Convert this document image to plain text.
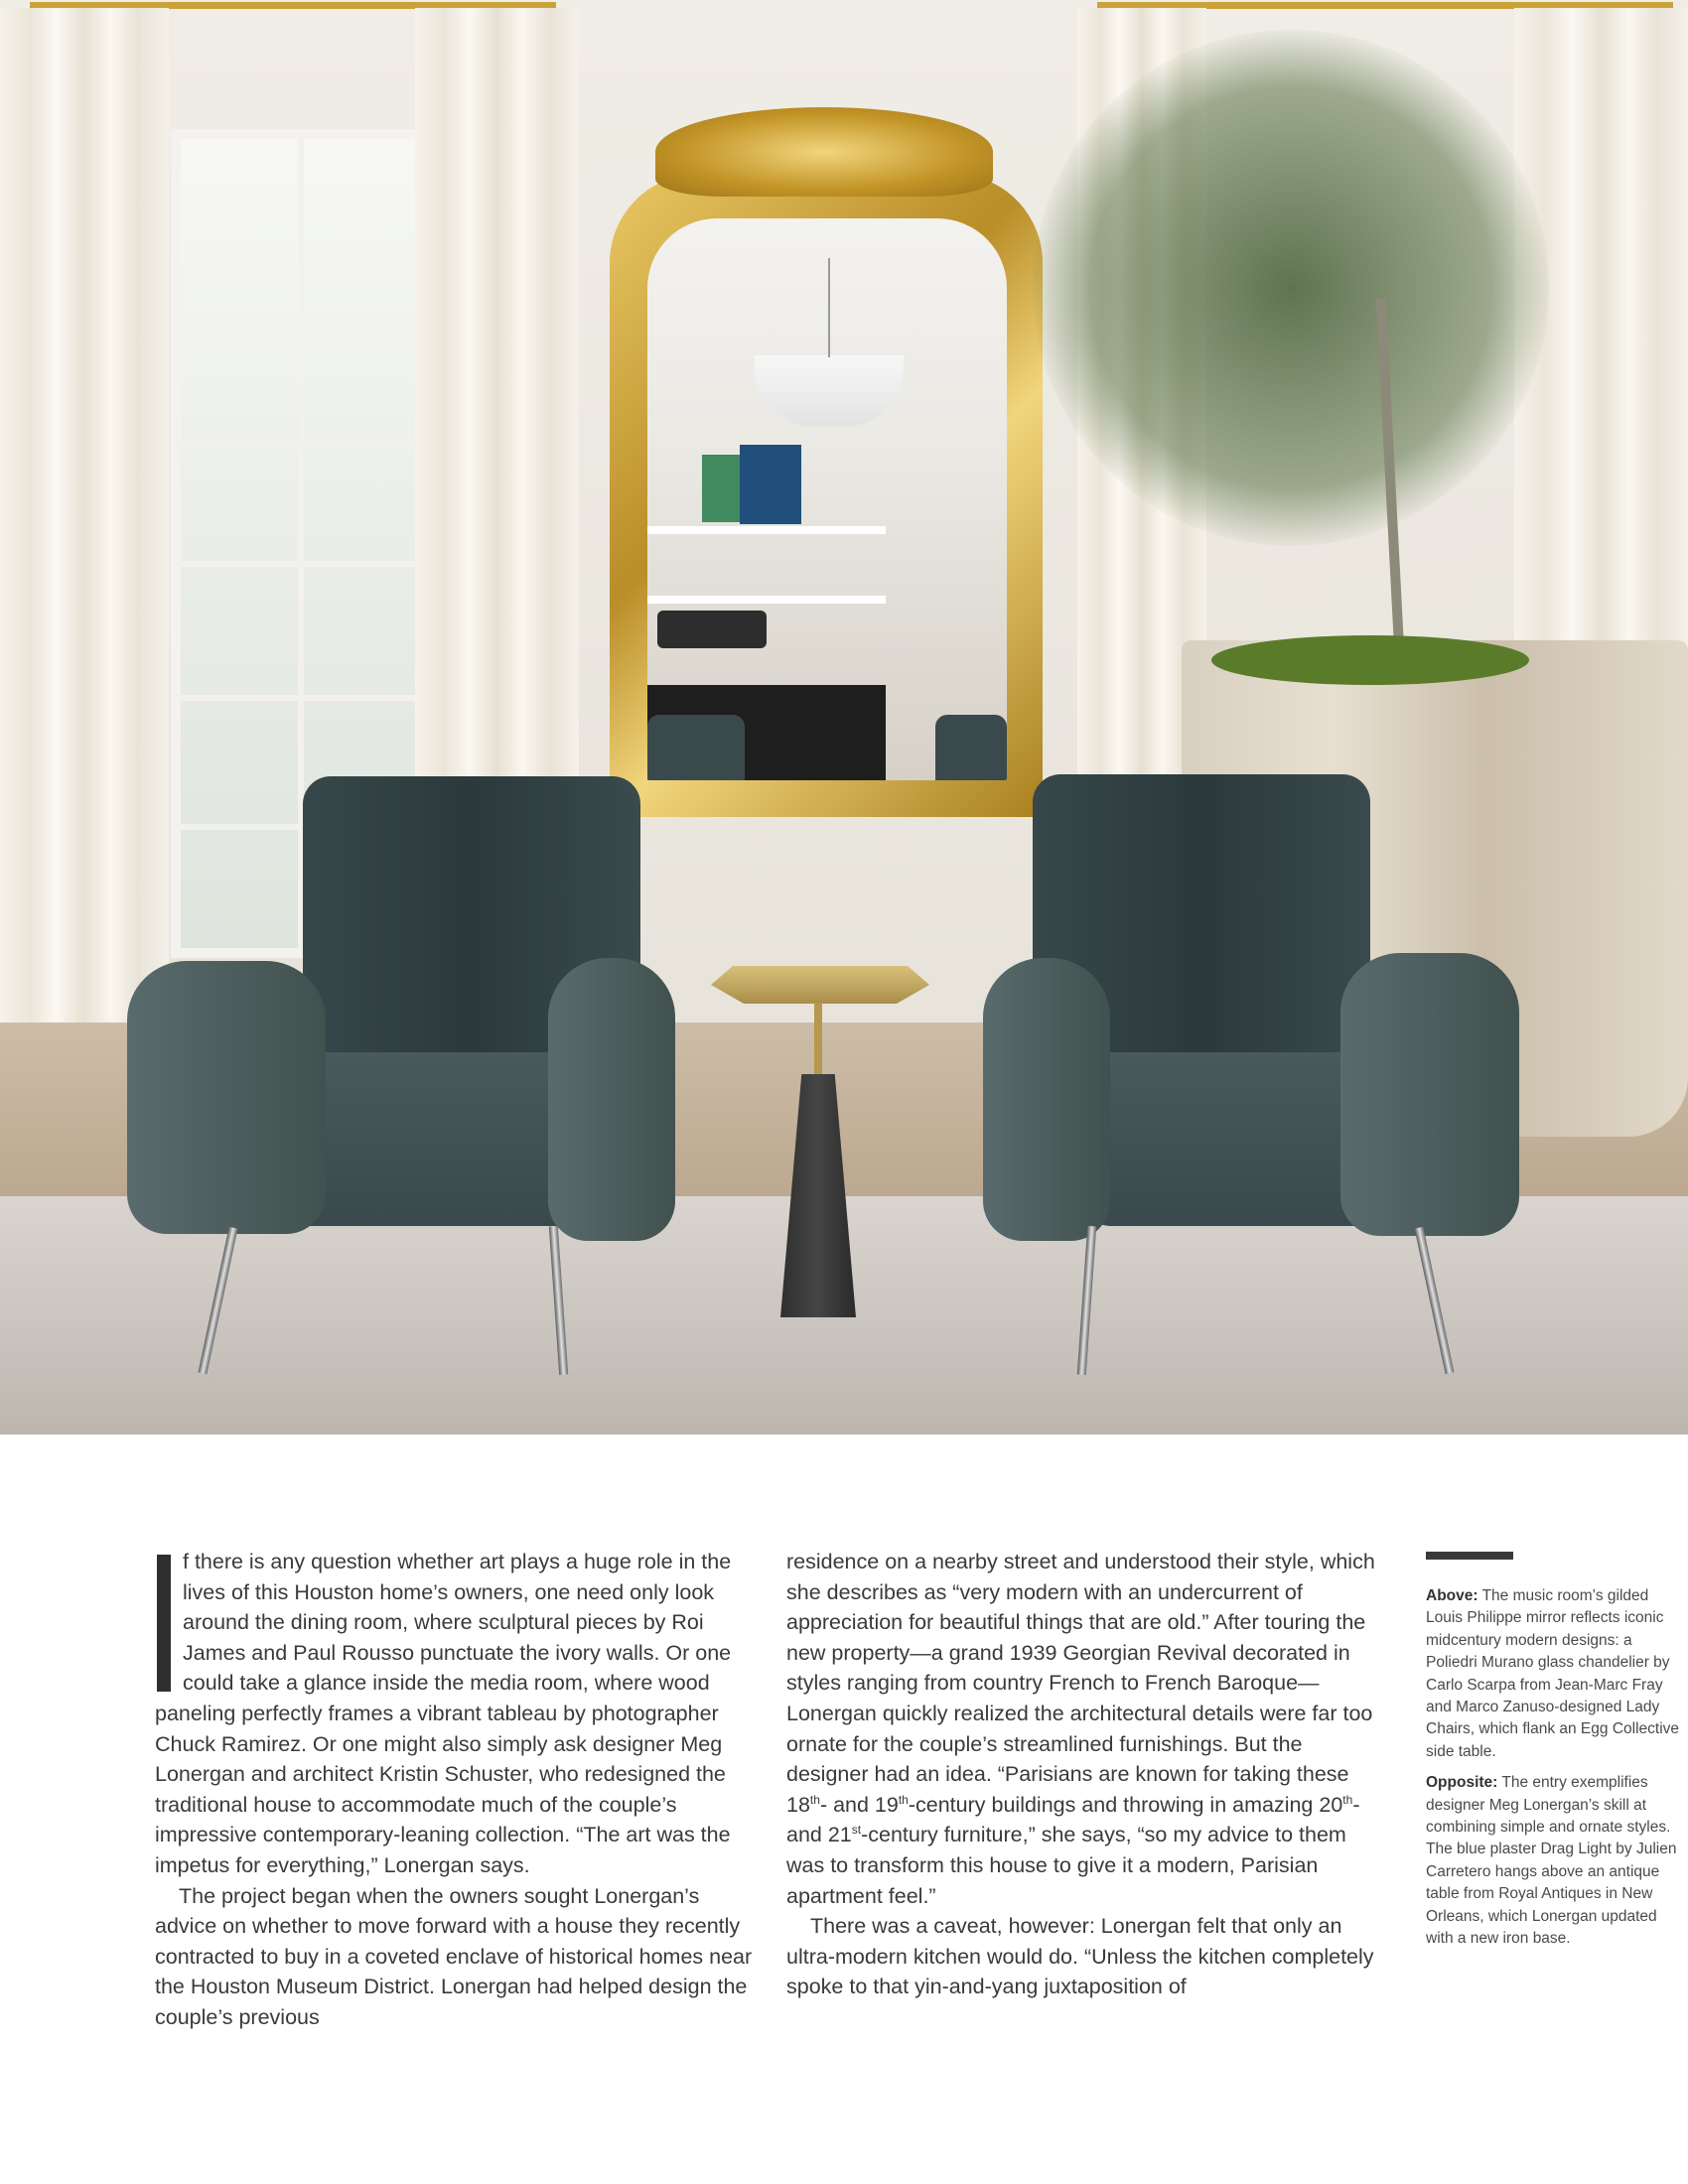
f there is any question whether art plays a huge role in the lives of this Houston home’s owners, one need only look around the dining room, where sculptural pieces by Roi James and Paul Rousso punctuate the ivory walls. Or one could take a glance inside the media room, where wood paneling perfectly frames a vibrant tableau by photographer Chuck Ramirez. Or one might also simply ask designer Meg Lonergan and architect Kristin Schuster, who redesigned the traditional house to accommodate much of the couple’s impressive contemporary-leaning collection. “The art was the impetus for everything,” Lonergan says.

The project began when the owners sought Lonergan’s advice on whether to move forward with a house they recently contracted to buy in a coveted enclave of historical homes near the Houston Museum District. Lonergan had helped design the couple’s previous

residence on a nearby street and understood their style, which she describes as “very modern with an undercurrent of appreciation for beautiful things that are old.” After touring the new property—a grand 1939 Georgian Revival decorated in styles ranging from country French to French Baroque—Lonergan quickly realized the architectural details were far too ornate for the couple’s streamlined furnishings. But the designer had an idea. “Parisians are known for taking these 18th- and 19th-century buildings and throwing in amazing 20th- and 21st-century furniture,” she says, “so my advice to them was to transform this house to give it a modern, Parisian apartment feel.”

There was a caveat, however: Lonergan felt that only an ultra-modern kitchen would do. “Unless the kitchen completely spoke to that yin-and-yang juxtaposition of

Above: The music room’s gilded Louis Philippe mirror reflects iconic midcentury modern designs: a Poliedri Murano glass chandelier by Carlo Scarpa from Jean-Marc Fray and Marco Zanuso-designed Lady Chairs, which flank an Egg Collective side table.

Opposite: The entry exemplifies designer Meg Lonergan’s skill at combining simple and ornate styles. The blue plaster Drag Light by Julien Carretero hangs above an antique table from Royal Antiques in New Orleans, which Lonergan updated with a new iron base.
